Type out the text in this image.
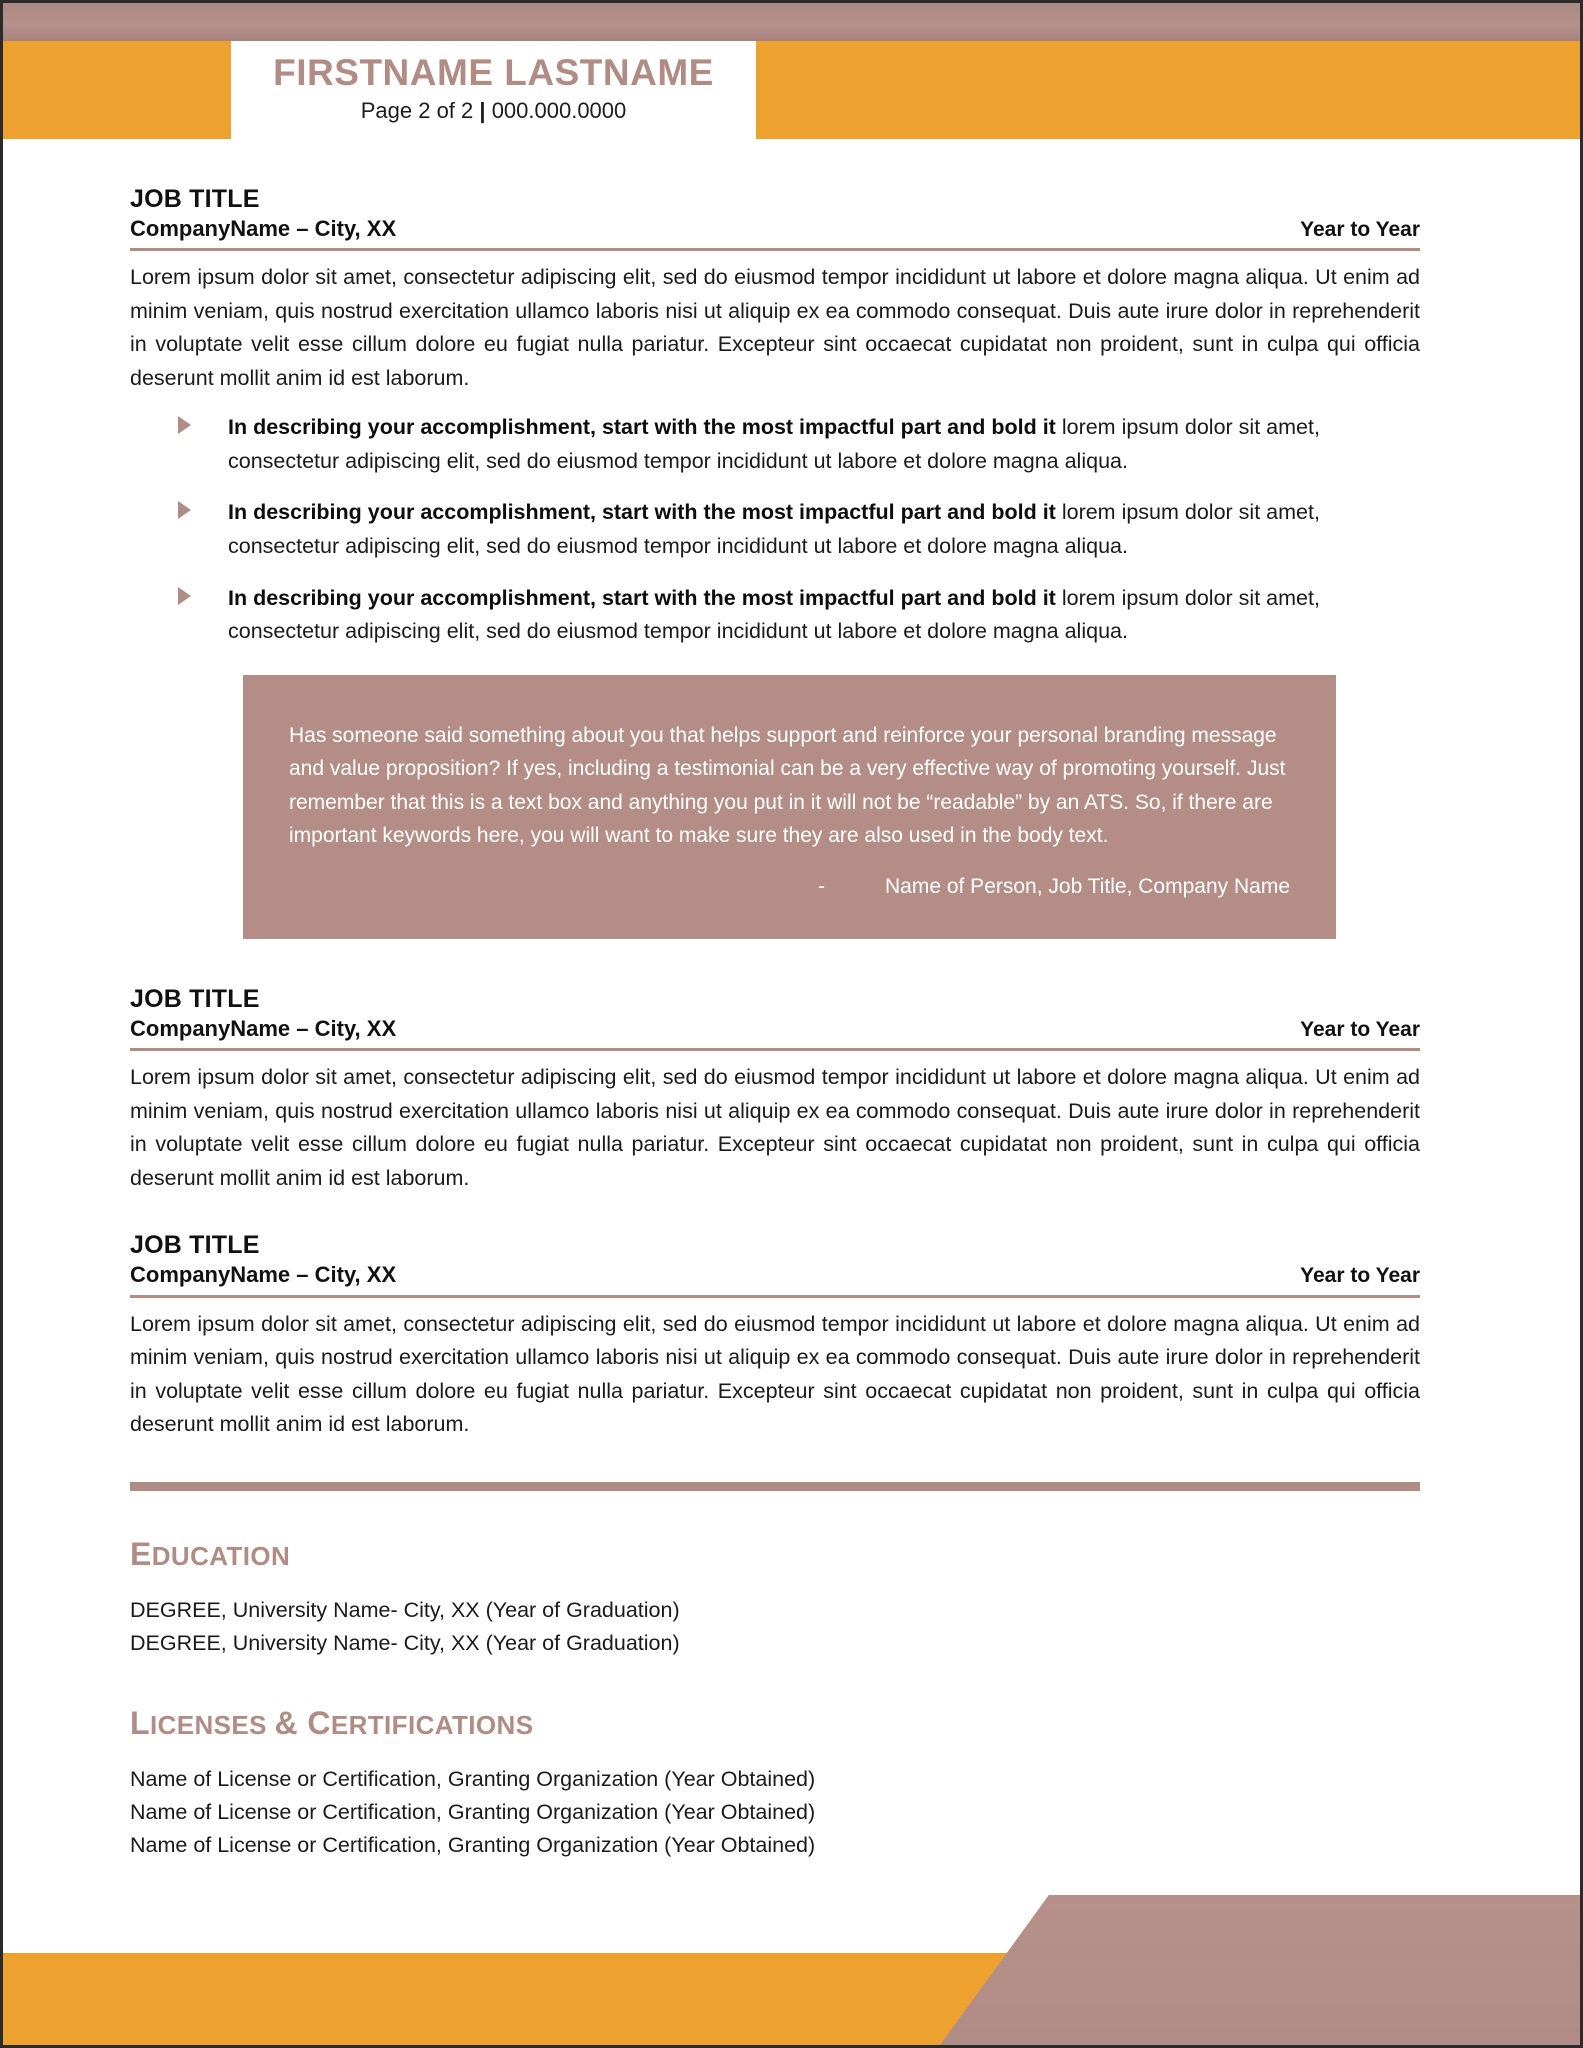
FIRSTNAME LASTNAME
Page 2 of 2 | 000.000.0000
JOB TITLE
CompanyName – City, XX	Year to Year

Lorem ipsum dolor sit amet, consectetur adipiscing elit, sed do eiusmod tempor incididunt ut labore et dolore magna aliqua. Ut enim ad minim veniam, quis nostrud exercitation ullamco laboris nisi ut aliquip ex ea commodo consequat. Duis aute irure dolor in reprehenderit in voluptate velit esse cillum dolore eu fugiat nulla pariatur. Excepteur sint occaecat cupidatat non proident, sunt in culpa qui officia deserunt mollit anim id est laborum.

In describing your accomplishment, start with the most impactful part and bold it lorem ipsum dolor sit amet, consectetur adipiscing elit, sed do eiusmod tempor incididunt ut labore et dolore magna aliqua.
In describing your accomplishment, start with the most impactful part and bold it lorem ipsum dolor sit amet, consectetur adipiscing elit, sed do eiusmod tempor incididunt ut labore et dolore magna aliqua.
In describing your accomplishment, start with the most impactful part and bold it lorem ipsum dolor sit amet, consectetur adipiscing elit, sed do eiusmod tempor incididunt ut labore et dolore magna aliqua.
Has someone said something about you that helps support and reinforce your personal branding message and value proposition? If yes, including a testimonial can be a very effective way of promoting yourself. Just remember that this is a text box and anything you put in it will not be “readable” by an ATS. So, if there are important keywords here, you will want to make sure they are also used in the body text.
-	Name of Person, Job Title, Company Name
JOB TITLE
CompanyName – City, XX	Year to Year

Lorem ipsum dolor sit amet, consectetur adipiscing elit, sed do eiusmod tempor incididunt ut labore et dolore magna aliqua. Ut enim ad minim veniam, quis nostrud exercitation ullamco laboris nisi ut aliquip ex ea commodo consequat. Duis aute irure dolor in reprehenderit in voluptate velit esse cillum dolore eu fugiat nulla pariatur. Excepteur sint occaecat cupidatat non proident, sunt in culpa qui officia deserunt mollit anim id est laborum.

JOB TITLE
CompanyName – City, XX	Year to Year

Lorem ipsum dolor sit amet, consectetur adipiscing elit, sed do eiusmod tempor incididunt ut labore et dolore magna aliqua. Ut enim ad minim veniam, quis nostrud exercitation ullamco laboris nisi ut aliquip ex ea commodo consequat. Duis aute irure dolor in reprehenderit in voluptate velit esse cillum dolore eu fugiat nulla pariatur. Excepteur sint occaecat cupidatat non proident, sunt in culpa qui officia deserunt mollit anim id est laborum.

EDUCATION
DEGREE, University Name- City, XX (Year of Graduation)
DEGREE, University Name- City, XX (Year of Graduation)
LICENSES & CERTIFICATIONS
Name of License or Certification, Granting Organization (Year Obtained)
Name of License or Certification, Granting Organization (Year Obtained)
Name of License or Certification, Granting Organization (Year Obtained)
